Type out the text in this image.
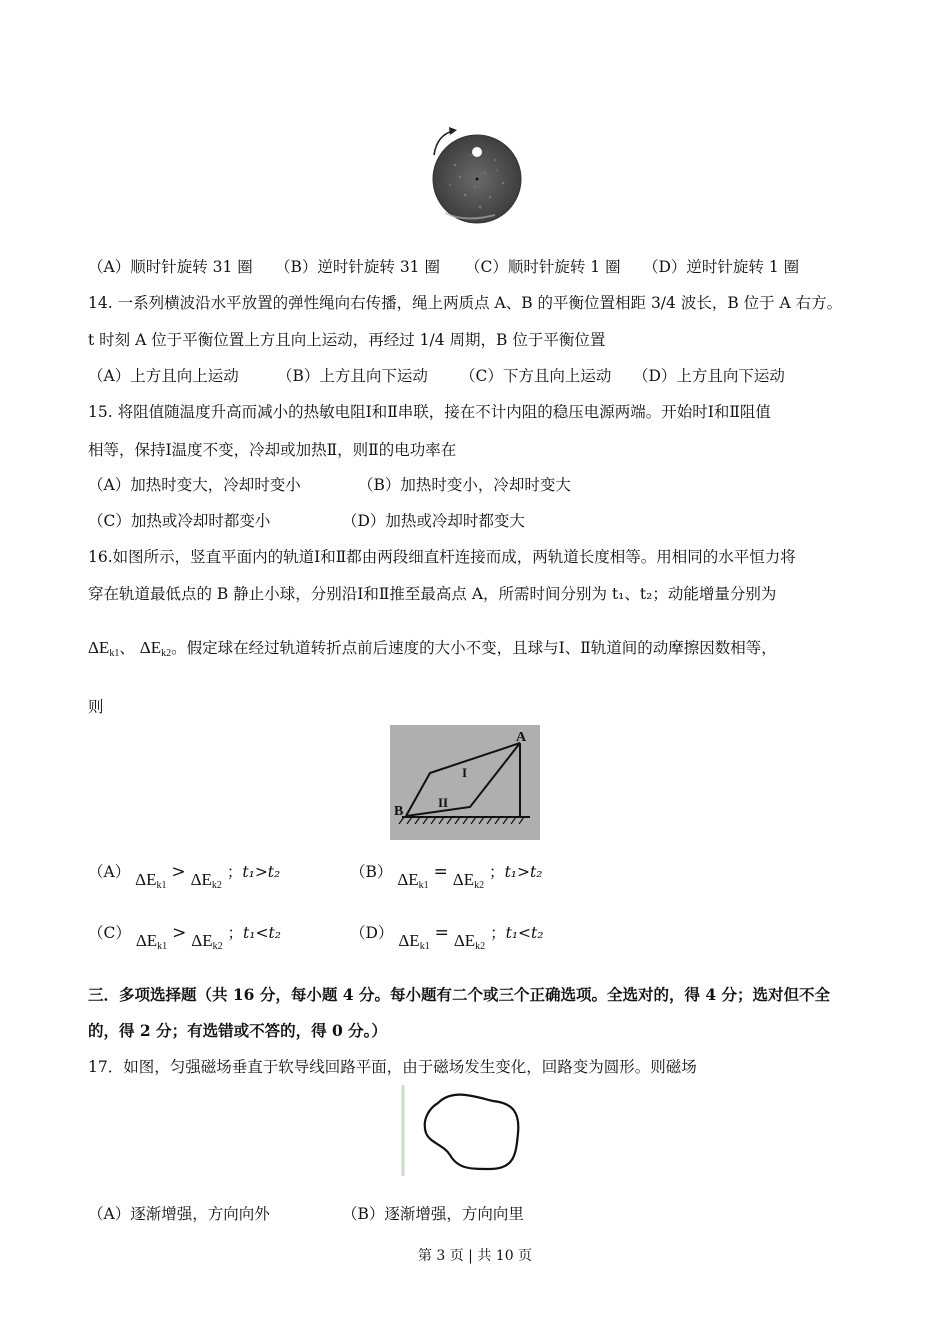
（A）顺时针旋转 31 圈 （B）逆时针旋转 31 圈 （C）顺时针旋转 1 圈 （D）逆时针旋转 1 圈
14. 一系列横波沿水平放置的弹性绳向右传播，绳上两质点 A、B 的平衡位置相距 3/4 波长，B 位于 A 右方。
t 时刻 A 位于平衡位置上方且向上运动，再经过 1/4 周期，B 位于平衡位置
（A）上方且向上运动 （B）上方且向下运动 （C）下方且向上运动 （D）上方且向下运动
15. 将阻值随温度升高而减小的热敏电阻Ⅰ和Ⅱ串联，接在不计内阻的稳压电源两端。开始时Ⅰ和Ⅱ阻值
相等，保持Ⅰ温度不变，冷却或加热Ⅱ，则Ⅱ的电功率在
（A）加热时变大，冷却时变小	（B）加热时变小，冷却时变大
（C）加热或冷却时都变小	（D）加热或冷却时都变大
16.如图所示，竖直平面内的轨道Ⅰ和Ⅱ都由两段细直杆连接而成，两轨道长度相等。用相同的水平恒力将
穿在轨道最低点的 B 静止小球，分别沿Ⅰ和Ⅱ推至最高点 A，所需时间分别为 t₁、t₂；动能增量分别为
$\Delta E_{k1}$、 $\Delta E_{k2}$。假定球在经过轨道转折点前后速度的大小不变，且球与Ⅰ、Ⅱ轨道间的动摩擦因数相等，
则
A
B
I
II
（A） $\Delta E_{k1} > \Delta E_{k2}$ ；t₁>t₂	（B） $\Delta E_{k1} = \Delta E_{k2}$ ；t₁>t₂
（C） $\Delta E_{k1} > \Delta E_{k2}$ ；t₁<t₂	（D） $\Delta E_{k1} = \Delta E_{k2}$ ；t₁<t₂
三．多项选择题（共 16 分，每小题 4 分。每小题有二个或三个正确选项。全选对的，得 4 分；选对但不全
的，得 2 分；有选错或不答的，得 0 分。）
17．如图，匀强磁场垂直于软导线回路平面，由于磁场发生变化，回路变为圆形。则磁场
（A）逐渐增强，方向向外	（B）逐渐增强，方向向里
第 3 页 | 共 10 页
